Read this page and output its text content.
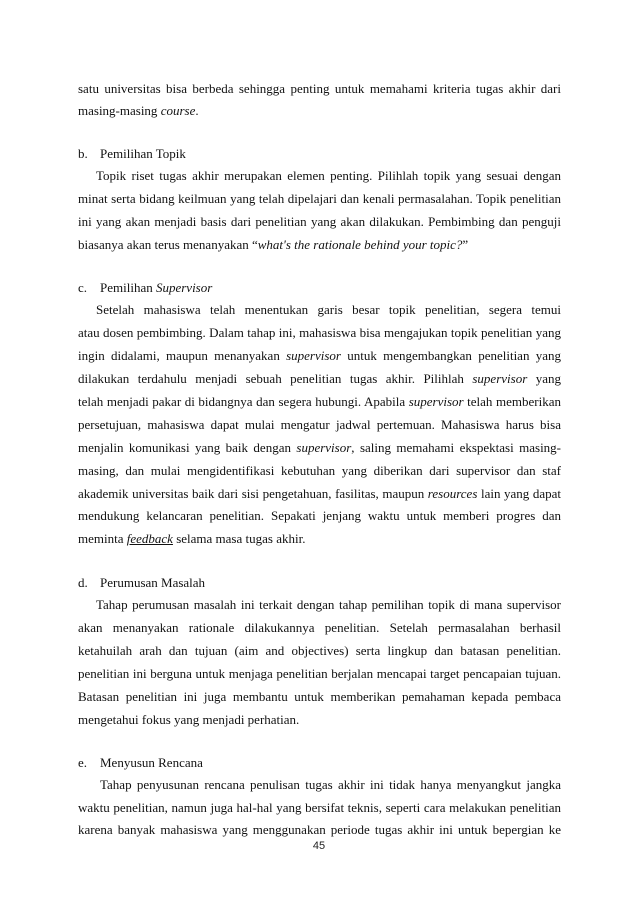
satu universitas bisa berbeda sehingga penting untuk memahami kriteria tugas akhir dari
masing-masing course.
b. Pemilihan Topik
Topik riset tugas akhir merupakan elemen penting. Pilihlah topik yang sesuai dengan
minat serta bidang keilmuan yang telah dipelajari dan kenali permasalahan. Topik penelitian
ini yang akan menjadi basis dari penelitian yang akan dilakukan. Pembimbing dan penguji
biasanya akan terus menanyakan “what's the rationale behind your topic?”
c. Pemilihan Supervisor
Setelah mahasiswa telah menentukan garis besar topik penelitian, segera temui
atau dosen pembimbing. Dalam tahap ini, mahasiswa bisa mengajukan topik penelitian yang
ingin didalami, maupun menanyakan supervisor untuk mengembangkan penelitian yang
dilakukan terdahulu menjadi sebuah penelitian tugas akhir. Pilihlah supervisor yang
telah menjadi pakar di bidangnya dan segera hubungi. Apabila supervisor telah memberikan
persetujuan, mahasiswa dapat mulai mengatur jadwal pertemuan. Mahasiswa harus bisa
menjalin komunikasi yang baik dengan supervisor, saling memahami ekspektasi masing-
masing, dan mulai mengidentifikasi kebutuhan yang diberikan dari supervisor dan staf
akademik universitas baik dari sisi pengetahuan, fasilitas, maupun resources lain yang dapat
mendukung kelancaran penelitian. Sepakati jenjang waktu untuk memberi progres dan
meminta feedback selama masa tugas akhir.
d. Perumusan Masalah
Tahap perumusan masalah ini terkait dengan tahap pemilihan topik di mana supervisor
akan menanyakan rationale dilakukannya penelitian. Setelah permasalahan berhasil
ketahuilah arah dan tujuan (aim and objectives) serta lingkup dan batasan penelitian.
penelitian ini berguna untuk menjaga penelitian berjalan mencapai target pencapaian tujuan.
Batasan penelitian ini juga membantu untuk memberikan pemahaman kepada pembaca
mengetahui fokus yang menjadi perhatian.
e. Menyusun Rencana
Tahap penyusunan rencana penulisan tugas akhir ini tidak hanya menyangkut jangka
waktu penelitian, namun juga hal-hal yang bersifat teknis, seperti cara melakukan penelitian
karena banyak mahasiswa yang menggunakan periode tugas akhir ini untuk bepergian ke
45
